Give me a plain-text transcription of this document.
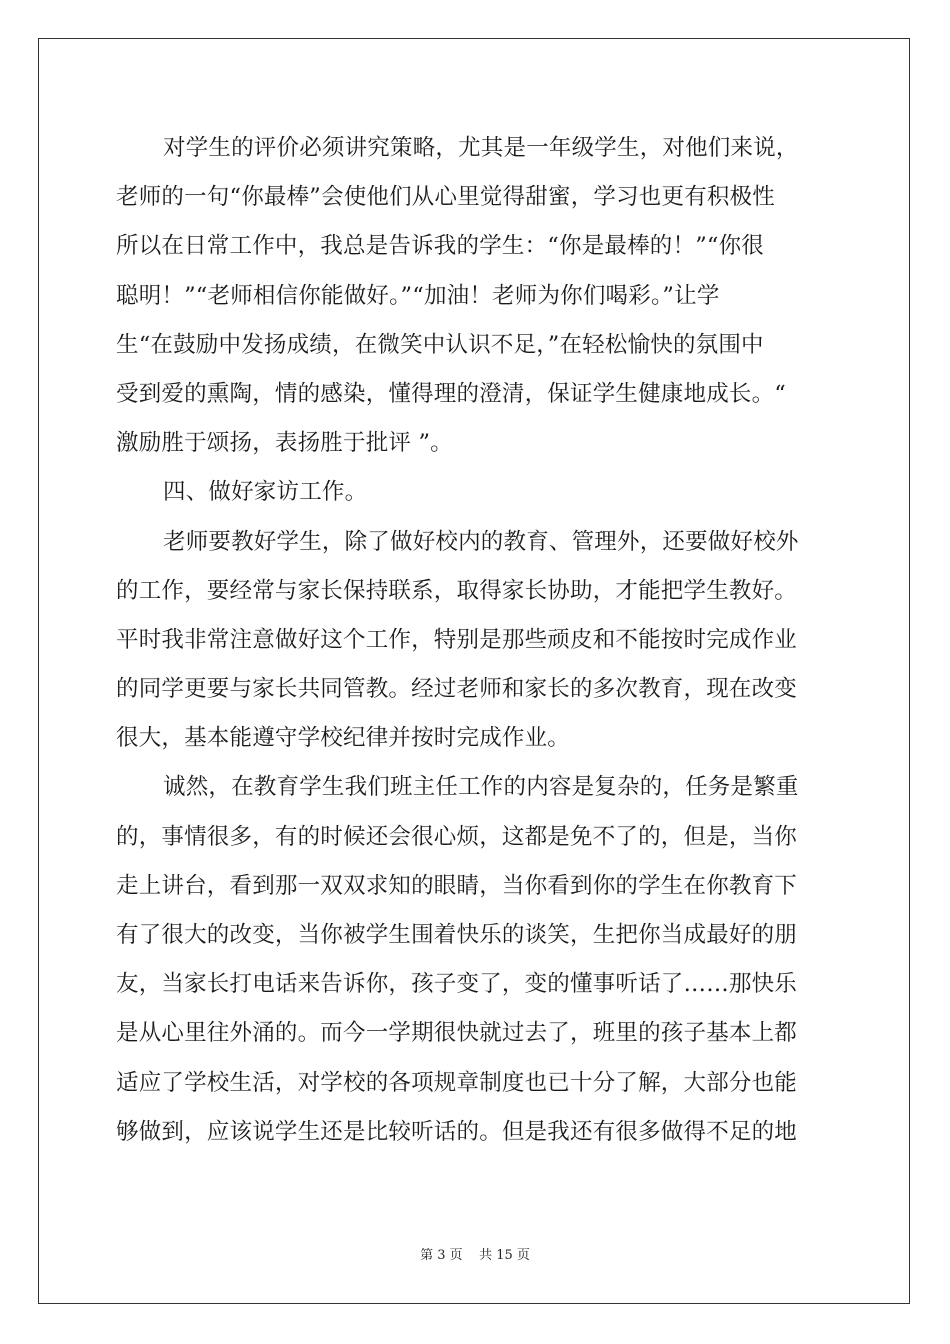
对学生的评价必须讲究策略，尤其是一年级学生，对他们来说，
老师的一句“你最棒”会使他们从心里觉得甜蜜，学习也更有积极性
所以在日常工作中，我总是告诉我的学生：“你是最棒的！”“你很
聪明！”“老师相信你能做好。”“加油！老师为你们喝彩。”让学
生“在鼓励中发扬成绩，在微笑中认识不足，”在轻松愉快的氛围中
受到爱的熏陶，情的感染，懂得理的澄清，保证学生健康地成长。“
激励胜于颂扬，表扬胜于批评 ”。
四、做好家访工作。
老师要教好学生，除了做好校内的教育、管理外，还要做好校外
的工作，要经常与家长保持联系，取得家长协助，才能把学生教好。
平时我非常注意做好这个工作，特别是那些顽皮和不能按时完成作业
的同学更要与家长共同管教。经过老师和家长的多次教育，现在改变
很大，基本能遵守学校纪律并按时完成作业。
诚然，在教育学生我们班主任工作的内容是复杂的，任务是繁重
的，事情很多，有的时候还会很心烦，这都是免不了的，但是，当你
走上讲台，看到那一双双求知的眼睛，当你看到你的学生在你教育下
有了很大的改变，当你被学生围着快乐的谈笑，生把你当成最好的朋
友，当家长打电话来告诉你，孩子变了，变的懂事听话了……那快乐
是从心里往外涌的。而今一学期很快就过去了，班里的孩子基本上都
适应了学校生活，对学校的各项规章制度也已十分了解，大部分也能
够做到，应该说学生还是比较听话的。但是我还有很多做得不足的地
第 3 页    共 15 页
